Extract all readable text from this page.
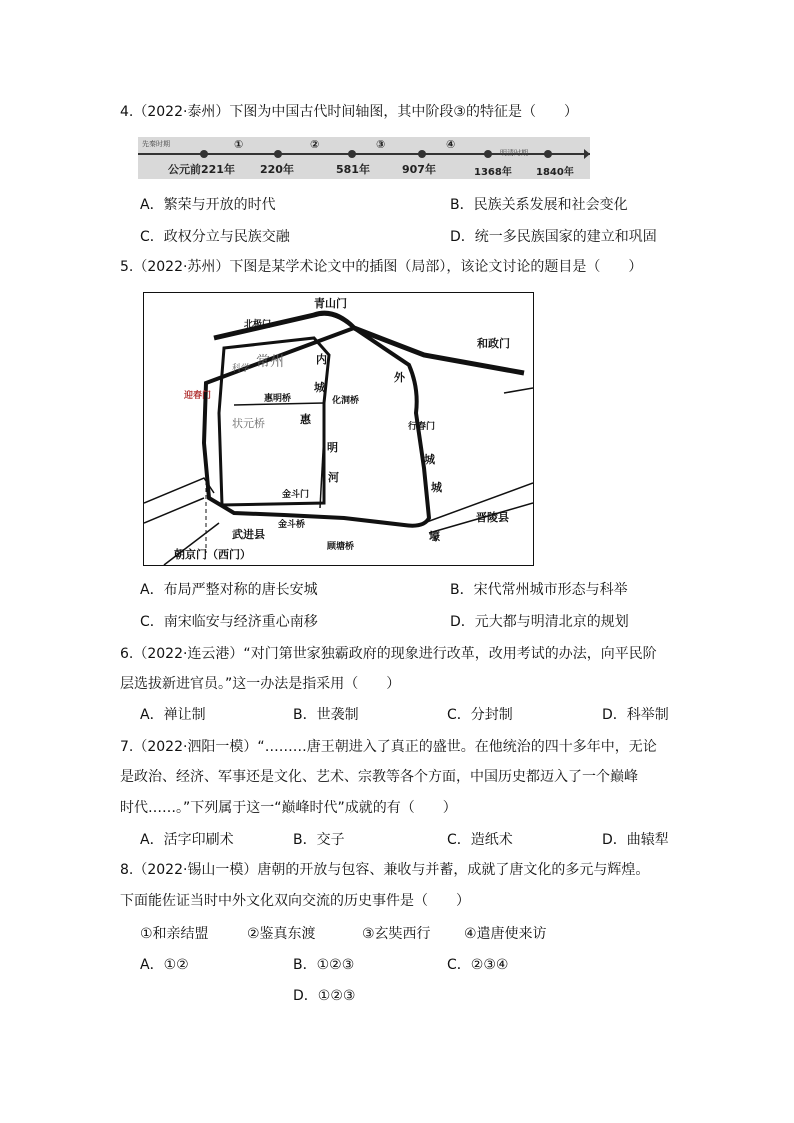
4.（2022·泰州）下图为中国古代时间轴图，其中阶段③的特征是（　　）
先秦时期	①	②	③	④
明清时期
公元前221年 220年	581年	907年	1368年 1840年
A．繁荣与开放的时代	B．民族关系发展和社会变化
C．政权分立与民族交融	D．统一多民族国家的建立和巩固
5.（2022·苏州）下图是某学术论文中的插图（局部），该论文讨论的题目是（　　）
青山门
北极门
和政门
常州
科学
迎春门
内
城
外
惠明桥	化洞桥
状元桥	惠
行春门
明
城
河
城
金斗门
金斗桥
武进县
晋陵县
壕
顾塘桥
朝京门（西门）
A．布局严整对称的唐长安城	B．宋代常州城市形态与科举
C．南宋临安与经济重心南移	D．元大都与明清北京的规划
6.（2022·连云港）“对门第世家独霸政府的现象进行改革，改用考试的办法，向平民阶
层选拔新进官员。”这一办法是指采用（　　）
A．禅让制	B．世袭制	C．分封制	D．科举制
7.（2022·泗阳一模）“………唐王朝进入了真正的盛世。在他统治的四十多年中，无论
是政治、经济、军事还是文化、艺术、宗教等各个方面，中国历史都迈入了一个巅峰
时代……。”下列属于这一“巅峰时代”成就的有（　　）
A．活字印刷术	B．交子	C．造纸术	D．曲辕犁
8.（2022·锡山一模）唐朝的开放与包容、兼收与并蓄，成就了唐文化的多元与辉煌。
下面能佐证当时中外文化双向交流的历史事件是（　　）
①和亲结盟	②鉴真东渡	③玄奘西行 ④遣唐使来访
A．①②	B．①②③	C．②③④
D．①②③
